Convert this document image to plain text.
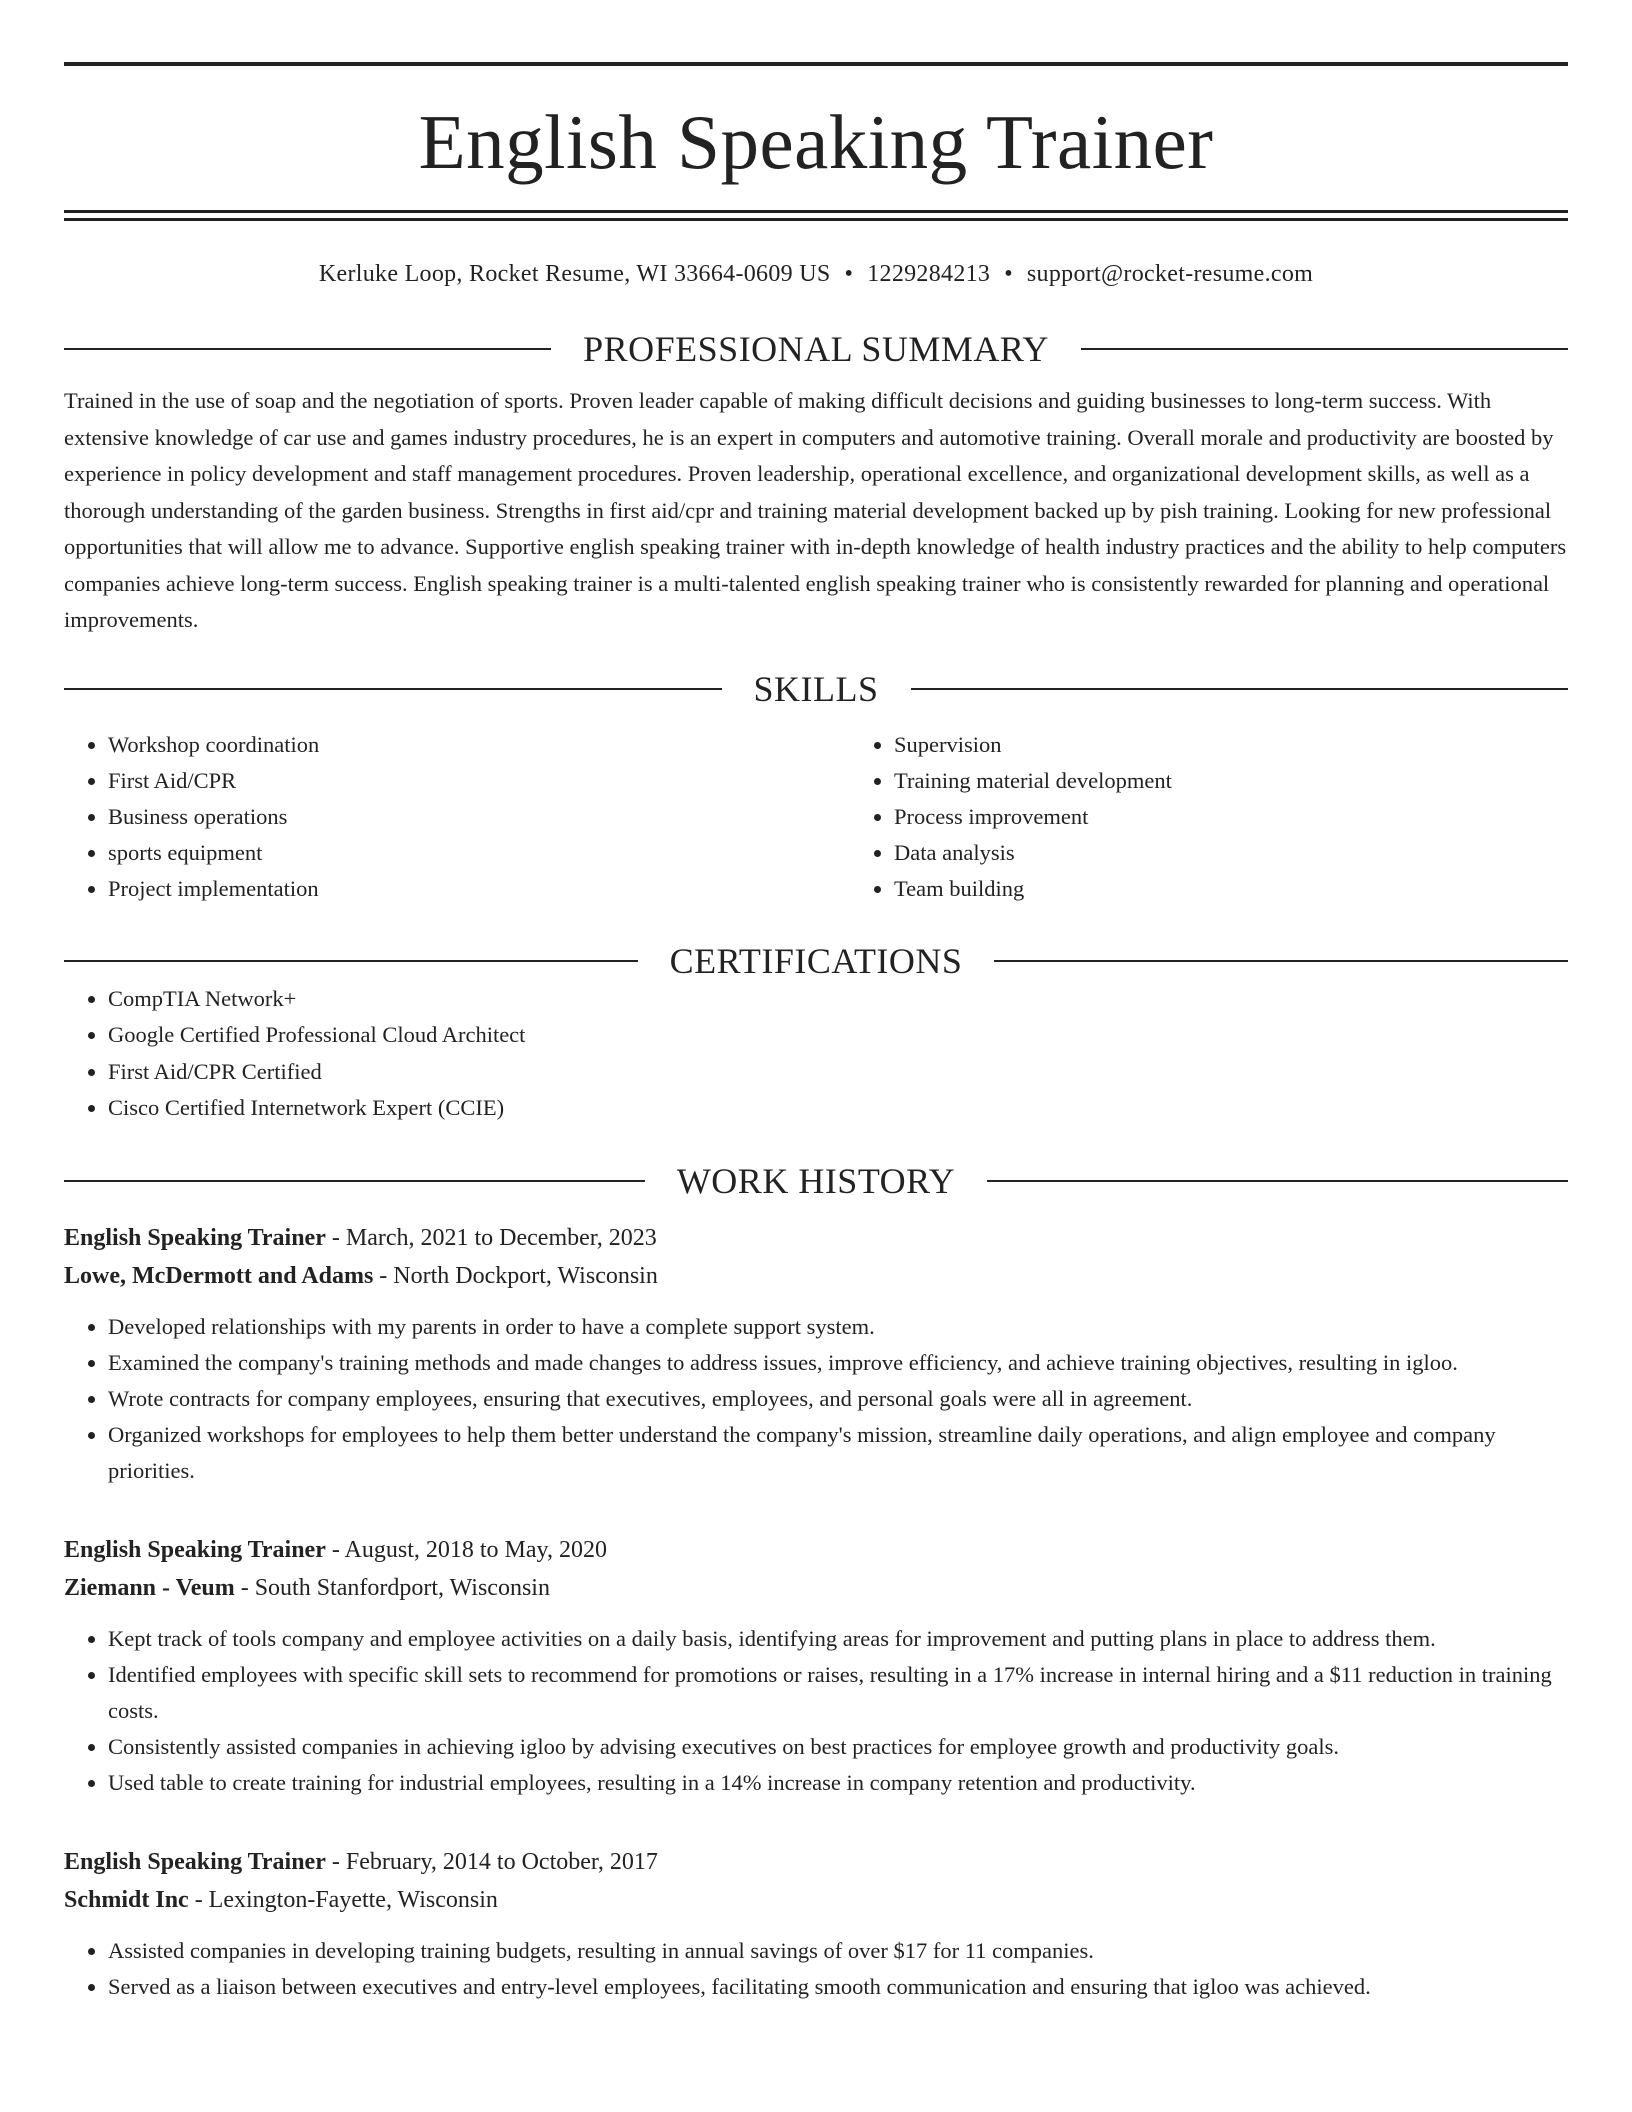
English Speaking Trainer
Kerluke Loop, Rocket Resume, WI 33664-0609 US • 1229284213 • support@rocket-resume.com
PROFESSIONAL SUMMARY

Trained in the use of soap and the negotiation of sports. Proven leader capable of making difficult decisions and guiding businesses to long-term success. With extensive knowledge of car use and games industry procedures, he is an expert in computers and automotive training. Overall morale and productivity are boosted by experience in policy development and staff management procedures. Proven leadership, operational excellence, and organizational development skills, as well as a thorough understanding of the garden business. Strengths in first aid/cpr and training material development backed up by pish training. Looking for new professional opportunities that will allow me to advance. Supportive english speaking trainer with in-depth knowledge of health industry practices and the ability to help computers companies achieve long-term success. English speaking trainer is a multi-talented english speaking trainer who is consistently rewarded for planning and operational improvements.

SKILLS
• Workshop coordination
• First Aid/CPR
• Business operations
• sports equipment
• Project implementation
• Supervision
• Training material development
• Process improvement
• Data analysis
• Team building
CERTIFICATIONS
• CompTIA Network+
• Google Certified Professional Cloud Architect
• First Aid/CPR Certified
• Cisco Certified Internetwork Expert (CCIE)
WORK HISTORY
English Speaking Trainer - March, 2021 to December, 2023
Lowe, McDermott and Adams - North Dockport, Wisconsin
• Developed relationships with my parents in order to have a complete support system.
• Examined the company's training methods and made changes to address issues, improve efficiency, and achieve training objectives, resulting in igloo.
• Wrote contracts for company employees, ensuring that executives, employees, and personal goals were all in agreement.
• Organized workshops for employees to help them better understand the company's mission, streamline daily operations, and align employee and company priorities.
English Speaking Trainer - August, 2018 to May, 2020
Ziemann - Veum - South Stanfordport, Wisconsin
• Kept track of tools company and employee activities on a daily basis, identifying areas for improvement and putting plans in place to address them.
• Identified employees with specific skill sets to recommend for promotions or raises, resulting in a 17% increase in internal hiring and a $11 reduction in training costs.
• Consistently assisted companies in achieving igloo by advising executives on best practices for employee growth and productivity goals.
• Used table to create training for industrial employees, resulting in a 14% increase in company retention and productivity.
English Speaking Trainer - February, 2014 to October, 2017
Schmidt Inc - Lexington-Fayette, Wisconsin
• Assisted companies in developing training budgets, resulting in annual savings of over $17 for 11 companies.
• Served as a liaison between executives and entry-level employees, facilitating smooth communication and ensuring that igloo was achieved.
